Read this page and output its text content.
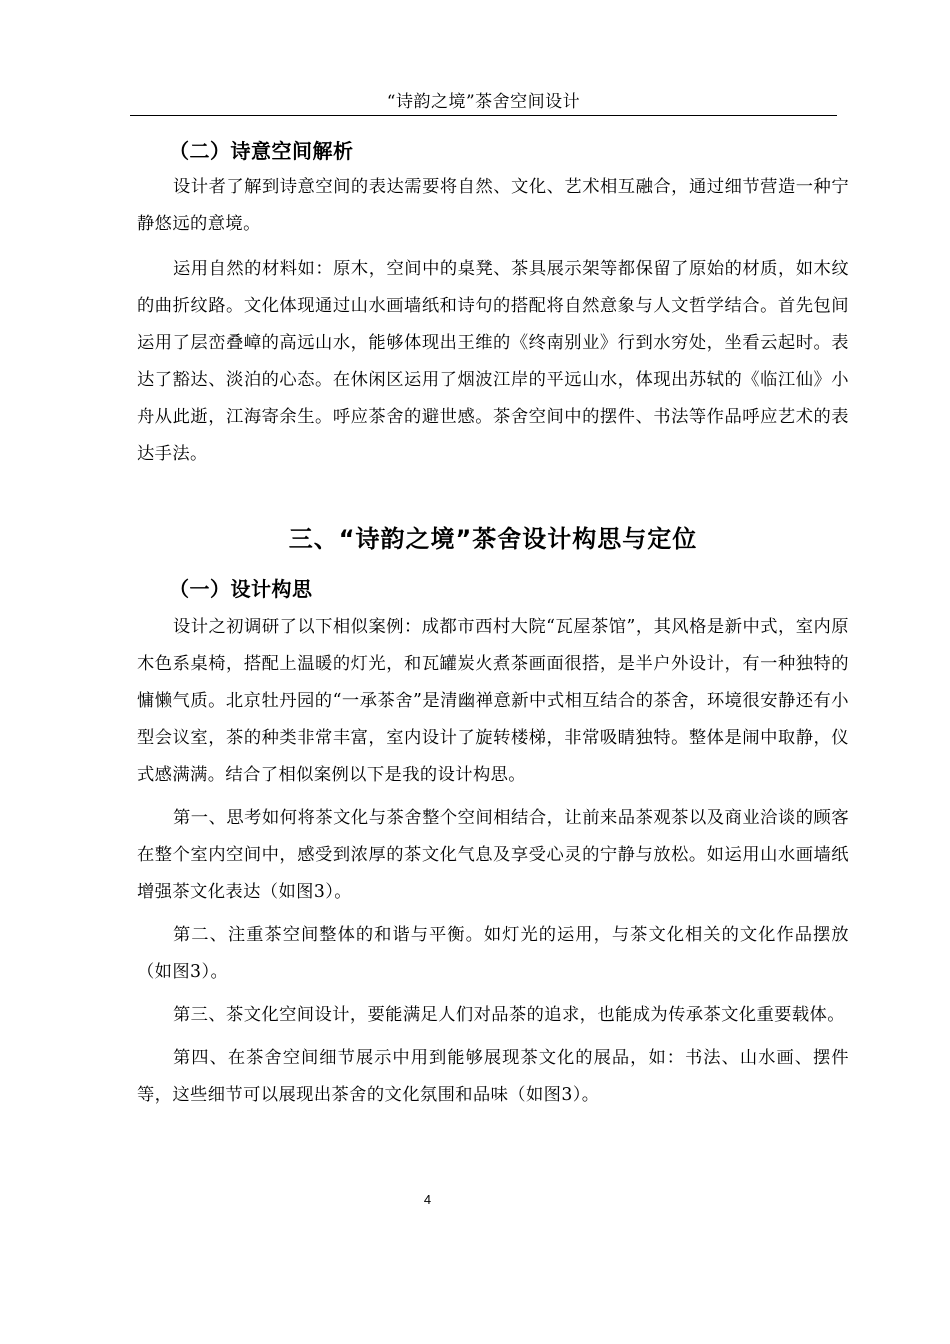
“诗韵之境”茶舍空间设计
（二）诗意空间解析

设计者了解到诗意空间的表达需要将自然、文化、艺术相互融合，通过细节营造一种宁静悠远的意境。

运用自然的材料如：原木，空间中的桌凳、茶具展示架等都保留了原始的材质，如木纹的曲折纹路。文化体现通过山水画墙纸和诗句的搭配将自然意象与人文哲学结合。首先包间运用了层峦叠嶂的高远山水，能够体现出王维的《终南别业》行到水穷处，坐看云起时。表达了豁达、淡泊的心态。在休闲区运用了烟波江岸的平远山水，体现出苏轼的《临江仙》小舟从此逝，江海寄余生。呼应茶舍的避世感。茶舍空间中的摆件、书法等作品呼应艺术的表达手法。

三、“诗韵之境”茶舍设计构思与定位
（一）设计构思

设计之初调研了以下相似案例：成都市西村大院“瓦屋茶馆”，其风格是新中式，室内原木色系桌椅，搭配上温暖的灯光，和瓦罐炭火煮茶画面很搭，是半户外设计，有一种独特的慵懒气质。北京牡丹园的“一承茶舍”是清幽禅意新中式相互结合的茶舍，环境很安静还有小型会议室，茶的种类非常丰富，室内设计了旋转楼梯，非常吸睛独特。整体是闹中取静，仪式感满满。结合了相似案例以下是我的设计构思。

第一、思考如何将茶文化与茶舍整个空间相结合，让前来品茶观茶以及商业洽谈的顾客在整个室内空间中，感受到浓厚的茶文化气息及享受心灵的宁静与放松。如运用山水画墙纸增强茶文化表达（如图3）。

第二、注重茶空间整体的和谐与平衡。如灯光的运用，与茶文化相关的文化作品摆放（如图3）。

第三、茶文化空间设计，要能满足人们对品茶的追求，也能成为传承茶文化重要载体。

第四、在茶舍空间细节展示中用到能够展现茶文化的展品，如：书法、山水画、摆件等，这些细节可以展现出茶舍的文化氛围和品味（如图3）。

4
